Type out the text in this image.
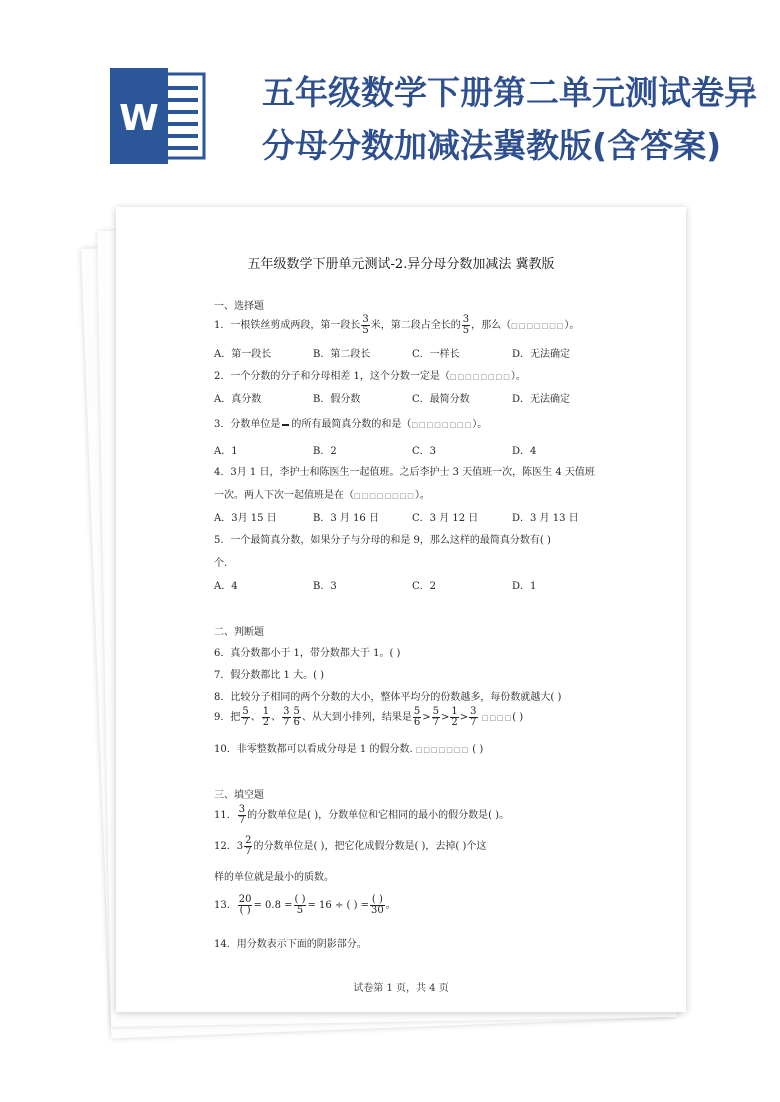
W
五年级数学下册第二单元测试卷异分母分数加减法冀教版(含答案)
五年级数学下册单元测试-2.异分母分数加减法 冀教版
一、选择题
1．一根铁丝剪成两段，第一段长 $\frac{3}{5}$ 米，第二段占全长的 $\frac{3}{5}$ ，那么（□□□□□□□）。
A．第一段长	B．第二段长	C．一样长	D．无法确定
2．一个分数的分子和分母相差 1，这个分数一定是（□□□□□□□□）。
A．真分数	B．假分数	C．最简分数	D．无法确定
3．分数单位是 的所有最简真分数的和是（□□□□□□□□）。
A．1	B．2	C．3	D．4
4．3月 1 日，李护士和陈医生一起值班。之后李护士 3 天值班一次，陈医生 4 天值班
一次。两人下次一起值班是在（□□□□□□□□）。
A．3月 15 日	B．3 月 16 日	C．3 月 12 日	D．3 月 13 日
5．一个最简真分数，如果分子与分母的和是 9，那么这样的最简真分数有( )
个.
A．4	B．3	C．2	D．1
二、判断题
6．真分数都小于 1，带分数都大于 1。( )
7．假分数都比 1 大。( )
8．比较分子相同的两个分数的大小，整体平均分的份数越多，每份数就越大( )
9．把 $\frac{5}{7}$ 、 $\frac{1}{2}$ 、 $\frac{3}{7} \frac{5}{6}$ 、从大到小排列，结果是 $\frac{5}{6} > \frac{5}{7} > \frac{1}{2} > \frac{3}{7}$ □□□□( )
10．非零整数都可以看成分母是 1 的假分数. □□□□□□□ ( )
三、填空题
11． $\frac{3}{7}$ 的分数单位是( )，分数单位和它相同的最小的假分数是( )。
12．$3 \frac{2}{7}$ 的分数单位是( )，把它化成假分数是( )，去掉( )个这
样的单位就是最小的质数。
13． $\frac{20}{( )} = 0.8 = \frac{( )}{5} = 16$ ÷ ( ) = $\frac{( )}{30}$ 。
14．用分数表示下面的阴影部分。
试卷第 1 页，共 4 页
